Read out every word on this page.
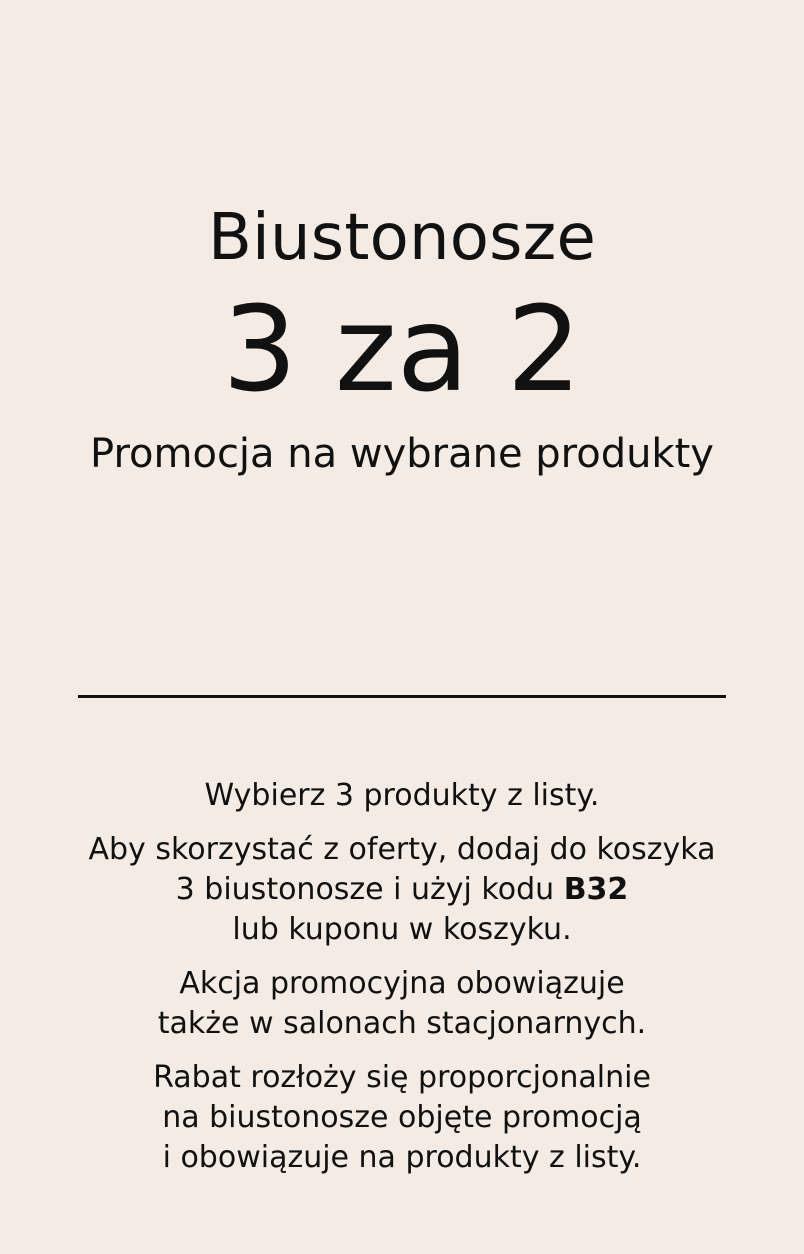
Biustonosze
3 za 2
Promocja na wybrane produkty

Wybierz 3 produkty z listy.

Aby skorzystać z oferty, dodaj do koszyka

3 biustonosze i użyj kodu B32

lub kuponu w koszyku.

Akcja promocyjna obowiązuje

także w salonach stacjonarnych.

Rabat rozłoży się proporcjonalnie

na biustonosze objęte promocją

i obowiązuje na produkty z listy.
